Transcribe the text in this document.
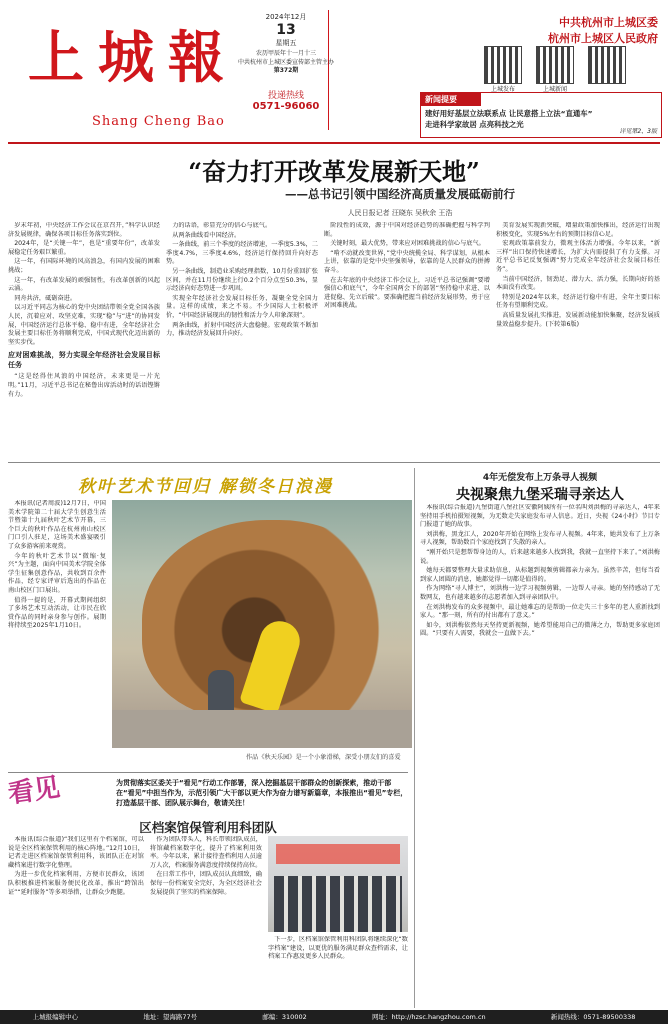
上城報
Shang Cheng Bao
2024年12月
13
星期五
农历甲辰年十一月十三
中共杭州市上城区委宣传部主管主办
第372期
投递热线
0571-96060
中共杭州市上城区委
杭州市上城区人民政府
上城发布	上城新闻
新闻提要
建好用好基层立法联系点 让民意搭上立法“直通车”
走进科学家故居 点亮科技之光
详见第2、3版
“奋力打开改革发展新天地”
——总书记引领中国经济高质量发展砥砺前行
人民日报记者 汪晓东 吴秋余 王浩

岁末年初，中央经济工作会议在京召开，”科学认识经济发展规律，确保各项目标任务落实到位。

2024年，是“关键一年”，也是“重要年份”，改革发展稳定任务艰巨繁重。

这一年，有国际环境的风高浪急，有国内发展的困难挑战；

这一年，有改革发展的顽强韧性，有改革创新的风起云涌。

同舟共济，砥砺奋进。

以习近平同志为核心的党中央团结带领全党全国各族人民，沉着应对、攻坚克难，实现“稳”与“进”的协同发展，中国经济运行总体平稳、稳中有进，全年经济社会发展主要目标任务将顺利完成，中国式现代化迈出新的坚实步伐。

应对困难挑战，努力实现全年经济社会发展目标任务

“这是经得住风浪的中国经济，未来更是一片光明。”11月，习近平总书记在秘鲁出席活动时的话语铿锵有力。

力的话语，彰显充分的信心与底气。

从两条曲线看中国经济。

一条曲线，前三个季度的经济增速，一季度5.3%，二季度4.7%，三季度4.6%，经济运行保持回升向好态势。

另一条曲线，制造业采购经理指数，10月份重回扩张区间，并在11月份继续上行0.2个百分点至50.3%，显示经济向好态势进一步巩固。

实现全年经济社会发展目标任务，凝聚全党全国力量。这样的成绩，来之不易。不少国际人士积极评价，“中国经济展现出的韧性和活力令人印象深刻”。

两条曲线，折射中国经济大盘稳健。宏观政策不断加力，推动经济发展回升向好。

阶段性的成效，源于中国对经济趋势的准确把握与科学判断。

关键时刻，最大优势，带来应对困难挑战的信心与底气。

“啃不动就改变世界，”党中央统揽全局、科学谋划，从根本上讲，依靠的是党中央坚强领导，依靠的是人民群众的拼搏奋斗。

在去年底的中央经济工作会议上，习近平总书记强调“要增强信心和底气”，今年全国两会下的部署“坚持稳中求进、以进促稳、先立后破”。要准确把握当前经济发展形势，勇于应对困难挑战。

美育发展实现新突破，增量政策加快推出，经济运行出现积极变化，实现5%左右的预期目标信心足。

宏观政策靠前发力，微观主体活力增强。今年以来，“新三样”出口保持快速增长，为扩大内需提供了有力支撑。习近平总书记反复强调“努力完成全年经济社会发展目标任务”。

当前中国经济，韧劲足、潜力大、活力强，长期向好的基本面没有改变。

特别是2024年以来，经济运行稳中有进，全年主要目标任务有望顺利完成。

高质量发展扎实推进，发展新动能加快集聚，经济发展质量效益稳步提升。(下转第6版)

秋叶艺术节回归 解锁冬日浪漫

本报讯(记者周波)12月7日，中国美术学院第二十届大学生创意生活节暨第十九届秋叶艺术节开幕，三个巨大的秋叶作品在杭州南山校区门口引人驻足，这场美术盛宴吸引了众多游客前来观赏。

今年的秋叶艺术节以“微缩·复兴”为主题，面向中国美术学院全体学生征集创意作品，共收到百余件作品，经专家评审后选出的作品在南山校区门口展出。

值得一提的是，开幕式期间组织了多场艺术互动活动，让市民在欣赏作品的同时亲身参与创作。展期将持续至2025年1月10日。

作品《秋天乐园》是一个小象滑梯，深受小朋友们的喜爱
4年无偿发布上万条寻人视频
央视聚焦九堡采瑞寻亲达人

本报讯(综合报道)九堡街道八堡社区安徽阿姨所有一位名叫刘洪梅的寻亲达人，4年来坚持用手机拍摄短视频，为无数走失家庭发布寻人信息。近日，央视《24小时》节目专门报道了她的故事。

刘洪梅，黑龙江人，2020年开始在网络上发布寻人视频。4年来，她共发布了上万条寻人视频，帮助数百个家庭找到了失散的亲人。

“刚开始只是想帮帮身边的人，后来越来越多人找到我，我就一直坚持下来了。”刘洪梅说。

她每天都要整理大量求助信息，从标题到视频剪辑都亲力亲为。虽然辛苦，但每当看到家人团圆的消息，她都觉得一切都是值得的。

作为网络“寻人博主”，刘洪梅一边学习视频剪辑，一边帮人寻亲。她的坚持感动了无数网友，也有越来越多的志愿者加入到寻亲团队中。

在刘洪梅发布的众多视频中，最让她难忘的是帮助一位走失三十多年的老人重新找到家人。“那一刻，所有的付出都有了意义。”

如今，刘洪梅依然每天坚持更新视频，她希望能用自己的微薄之力，帮助更多家庭团圆。“只要有人需要，我就会一直做下去。”

看见	为贯彻落实区委关于“看见”行动工作部署，深入挖掘基层干部群众的创新探索，推动干部在“看见”中担当作为，示范引领广大干部以更大作为奋力谱写新篇章，本报推出“看见”专栏，打造基层干部、团队展示舞台，敬请关注！
区档案馆保管利用科团队

本报讯(综合报道)“我们这里有个档案馆，可以说是全区档案保管利用的核心阵地。”12月10日，记者走进区档案馆保管利用科，该团队正在对馆藏档案进行数字化整理。

为进一步优化档案利用，方便市民群众，该团队积极推进档案服务便民化改革，推出“跨馆出证”“延时服务”等多项举措，让群众少跑腿。

作为团队带头人，科长带领团队成员，将馆藏档案数字化，提升了档案利用效率。今年以来，累计接待查档利用人员逾万人次，档案服务满意度持续保持高位。

在日常工作中，团队成员认真细致，确保每一份档案安全完好，为全区经济社会发展提供了坚实的档案保障。

下一步，区档案馆保管利用科团队将继续深化“数字档案”建设，以更优的服务满足群众查档需求，让档案工作惠及更多人民群众。

上城报编辑中心	地址：望海路77号	邮编：310002	网址：http://hzsc.hangzhou.com.cn	新闻热线：0571-89500338
